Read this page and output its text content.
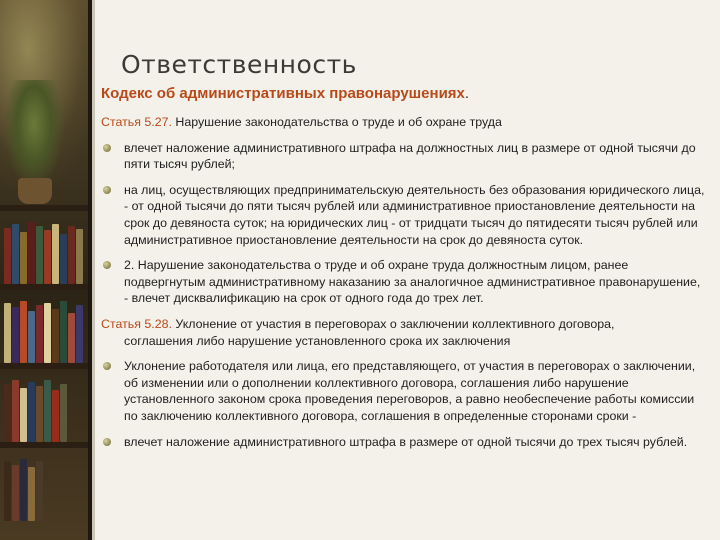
Ответственность
Кодекс об административных правонарушениях.

Статья 5.27. Нарушение законодательства о труде и об охране труда

влечет наложение административного штрафа на должностных лиц в размере от одной тысячи до пяти тысяч рублей;
на лиц, осуществляющих предпринимательскую деятельность без образования юридического лица, - от одной тысячи до пяти тысяч рублей или административное приостановление деятельности на срок до девяноста суток; на юридических лиц - от тридцати тысяч до пятидесяти тысяч рублей или административное приостановление деятельности на срок до девяноста суток.
2. Нарушение законодательства о труде и об охране труда должностным лицом, ранее подвергнутым административному наказанию за аналогичное административное правонарушение, - влечет дисквалификацию на срок от одного года до трех лет.

Статья 5.28. Уклонение от участия в переговорах о заключении коллективного договора,
соглашения либо нарушение установленного срока их заключения

Уклонение работодателя или лица, его представляющего, от участия в переговорах о заключении, об изменении или о дополнении коллективного договора, соглашения либо нарушение установленного законом срока проведения переговоров, а равно необеспечение работы комиссии по заключению коллективного договора, соглашения в определенные сторонами сроки -
влечет наложение административного штрафа в размере от одной тысячи до трех тысяч рублей.
